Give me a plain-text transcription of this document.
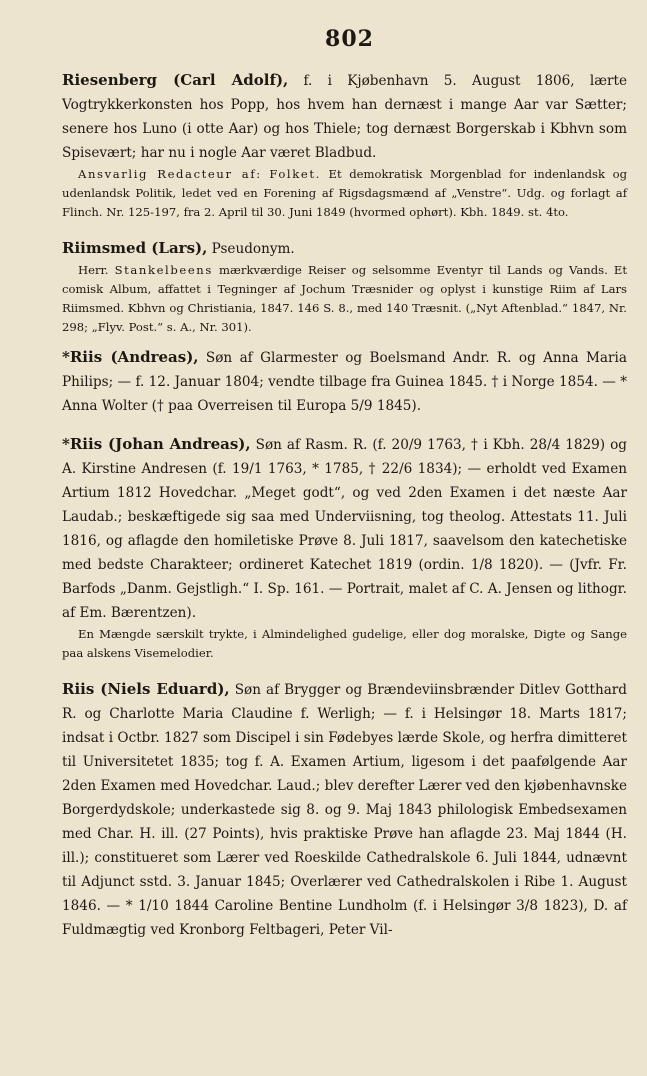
802

Riesenberg (Carl Adolf), f. i Kjøbenhavn 5. August 1806, lærte Vogtrykkerkonsten hos Popp, hos hvem han dernæst i mange Aar var Sætter; senere hos Luno (i otte Aar) og hos Thiele; tog dernæst Borgerskab i Kbhvn som Spisevært; har nu i nogle Aar været Bladbud.

Ansvarlig Redacteur af: Folket. Et demokratisk Morgenblad for indenlandsk og udenlandsk Politik, ledet ved en Forening af Rigsdagsmænd af „Venstre“. Udg. og forlagt af Flinch. Nr. 125-197, fra 2. April til 30. Juni 1849 (hvormed ophørt). Kbh. 1849. st. 4to.

Riimsmed (Lars), Pseudonym.

Herr. Stankelbeens mærkværdige Reiser og selsomme Eventyr til Lands og Vands. Et comisk Album, affattet i Tegninger af Jochum Træsnider og oplyst i kunstige Riim af Lars Riimsmed. Kbhvn og Christiania, 1847. 146 S. 8., med 140 Træsnit. („Nyt Aftenblad.“ 1847, Nr. 298; „Flyv. Post.“ s. A., Nr. 301).

*Riis (Andreas), Søn af Glarmester og Boelsmand Andr. R. og Anna Maria Philips; — f. 12. Januar 1804; vendte tilbage fra Guinea 1845. † i Norge 1854. — * Anna Wolter († paa Overreisen til Europa 5/9 1845).

*Riis (Johan Andreas), Søn af Rasm. R. (f. 20/9 1763, † i Kbh. 28/4 1829) og A. Kirstine Andresen (f. 19/1 1763, * 1785, † 22/6 1834); — erholdt ved Examen Artium 1812 Hovedchar. „Meget godt“, og ved 2den Examen i det næste Aar Laudab.; beskæftigede sig saa med Underviisning, tog theolog. Attestats 11. Juli 1816, og aflagde den homiletiske Prøve 8. Juli 1817, saavelsom den katechetiske med bedste Charakteer; ordineret Katechet 1819 (ordin. 1/8 1820). — (Jvfr. Fr. Barfods „Danm. Gejstligh.“ I. Sp. 161. — Portrait, malet af C. A. Jensen og lithogr. af Em. Bærentzen).

En Mængde særskilt trykte, i Almindelighed gudelige, eller dog moralske, Digte og Sange paa alskens Visemelodier.

Riis (Niels Eduard), Søn af Brygger og Brændeviinsbrænder Ditlev Gotthard R. og Charlotte Maria Claudine f. Werligh; — f. i Helsingør 18. Marts 1817; indsat i Octbr. 1827 som Discipel i sin Fødebyes lærde Skole, og herfra dimitteret til Universitetet 1835; tog f. A. Examen Artium, ligesom i det paafølgende Aar 2den Examen med Hovedchar. Laud.; blev derefter Lærer ved den kjøbenhavnske Borgerdydskole; underkastede sig 8. og 9. Maj 1843 philologisk Embedsexamen med Char. H. ill. (27 Points), hvis praktiske Prøve han aflagde 23. Maj 1844 (H. ill.); constitueret som Lærer ved Roeskilde Cathedralskole 6. Juli 1844, udnævnt til Adjunct sstd. 3. Januar 1845; Overlærer ved Cathedralskolen i Ribe 1. August 1846. — * 1/10 1844 Caroline Bentine Lundholm (f. i Helsingør 3/8 1823), D. af Fuldmægtig ved Kronborg Feltbageri, Peter Vil-
